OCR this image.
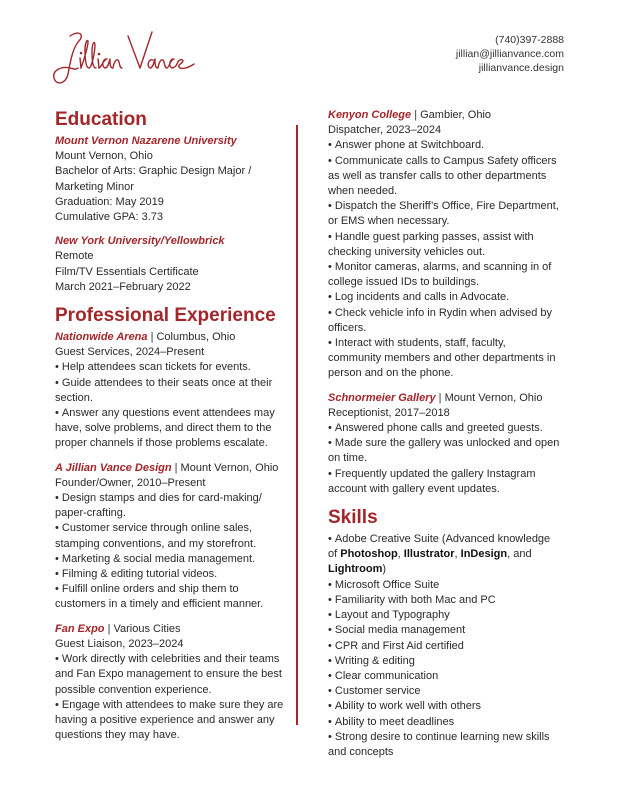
(740)397-2888
jillian@jillianvance.com
jillianvance.design
Education
Mount Vernon Nazarene University
Mount Vernon, Ohio
Bachelor of Arts: Graphic Design Major / Marketing Minor
Graduation: May 2019
Cumulative GPA: 3.73
New York University/Yellowbrick
Remote
Film/TV Essentials Certificate
March 2021–February 2022
Professional Experience
Nationwide Arena | Columbus, Ohio
Guest Services, 2024–Present
• Help attendees scan tickets for events.
• Guide attendees to their seats once at their section.
• Answer any questions event attendees may have, solve problems, and direct them to the proper channels if those problems escalate.
A Jillian Vance Design | Mount Vernon, Ohio
Founder/Owner, 2010–Present
• Design stamps and dies for card-making/ paper-crafting.
• Customer service through online sales, stamping conventions, and my storefront.
• Marketing & social media management.
• Filming & editing tutorial videos.
• Fulfill online orders and ship them to customers in a timely and efficient manner.
Fan Expo | Various Cities
Guest Liaison, 2023–2024
• Work directly with celebrities and their teams and Fan Expo management to ensure the best possible convention experience.
• Engage with attendees to make sure they are having a positive experience and answer any questions they may have.
Kenyon College | Gambier, Ohio
Dispatcher, 2023–2024
• Answer phone at Switchboard.
• Communicate calls to Campus Safety officers as well as transfer calls to other departments when needed.
• Dispatch the Sheriff’s Office, Fire Department, or EMS when necessary.
• Handle guest parking passes, assist with checking university vehicles out.
• Monitor cameras, alarms, and scanning in of college issued IDs to buildings.
• Log incidents and calls in Advocate.
• Check vehicle info in Rydin when advised by officers.
• Interact with students, staff, faculty, community members and other departments in person and on the phone.
Schnormeier Gallery | Mount Vernon, Ohio
Receptionist, 2017–2018
• Answered phone calls and greeted guests.
• Made sure the gallery was unlocked and open on time.
• Frequently updated the gallery Instagram account with gallery event updates.
Skills
• Adobe Creative Suite (Advanced knowledge of Photoshop, Illustrator, InDesign, and Lightroom)
• Microsoft Office Suite
• Familiarity with both Mac and PC
• Layout and Typography
• Social media management
• CPR and First Aid certified
• Writing & editing
• Clear communication
• Customer service
• Ability to work well with others
• Ability to meet deadlines
• Strong desire to continue learning new skills and concepts
